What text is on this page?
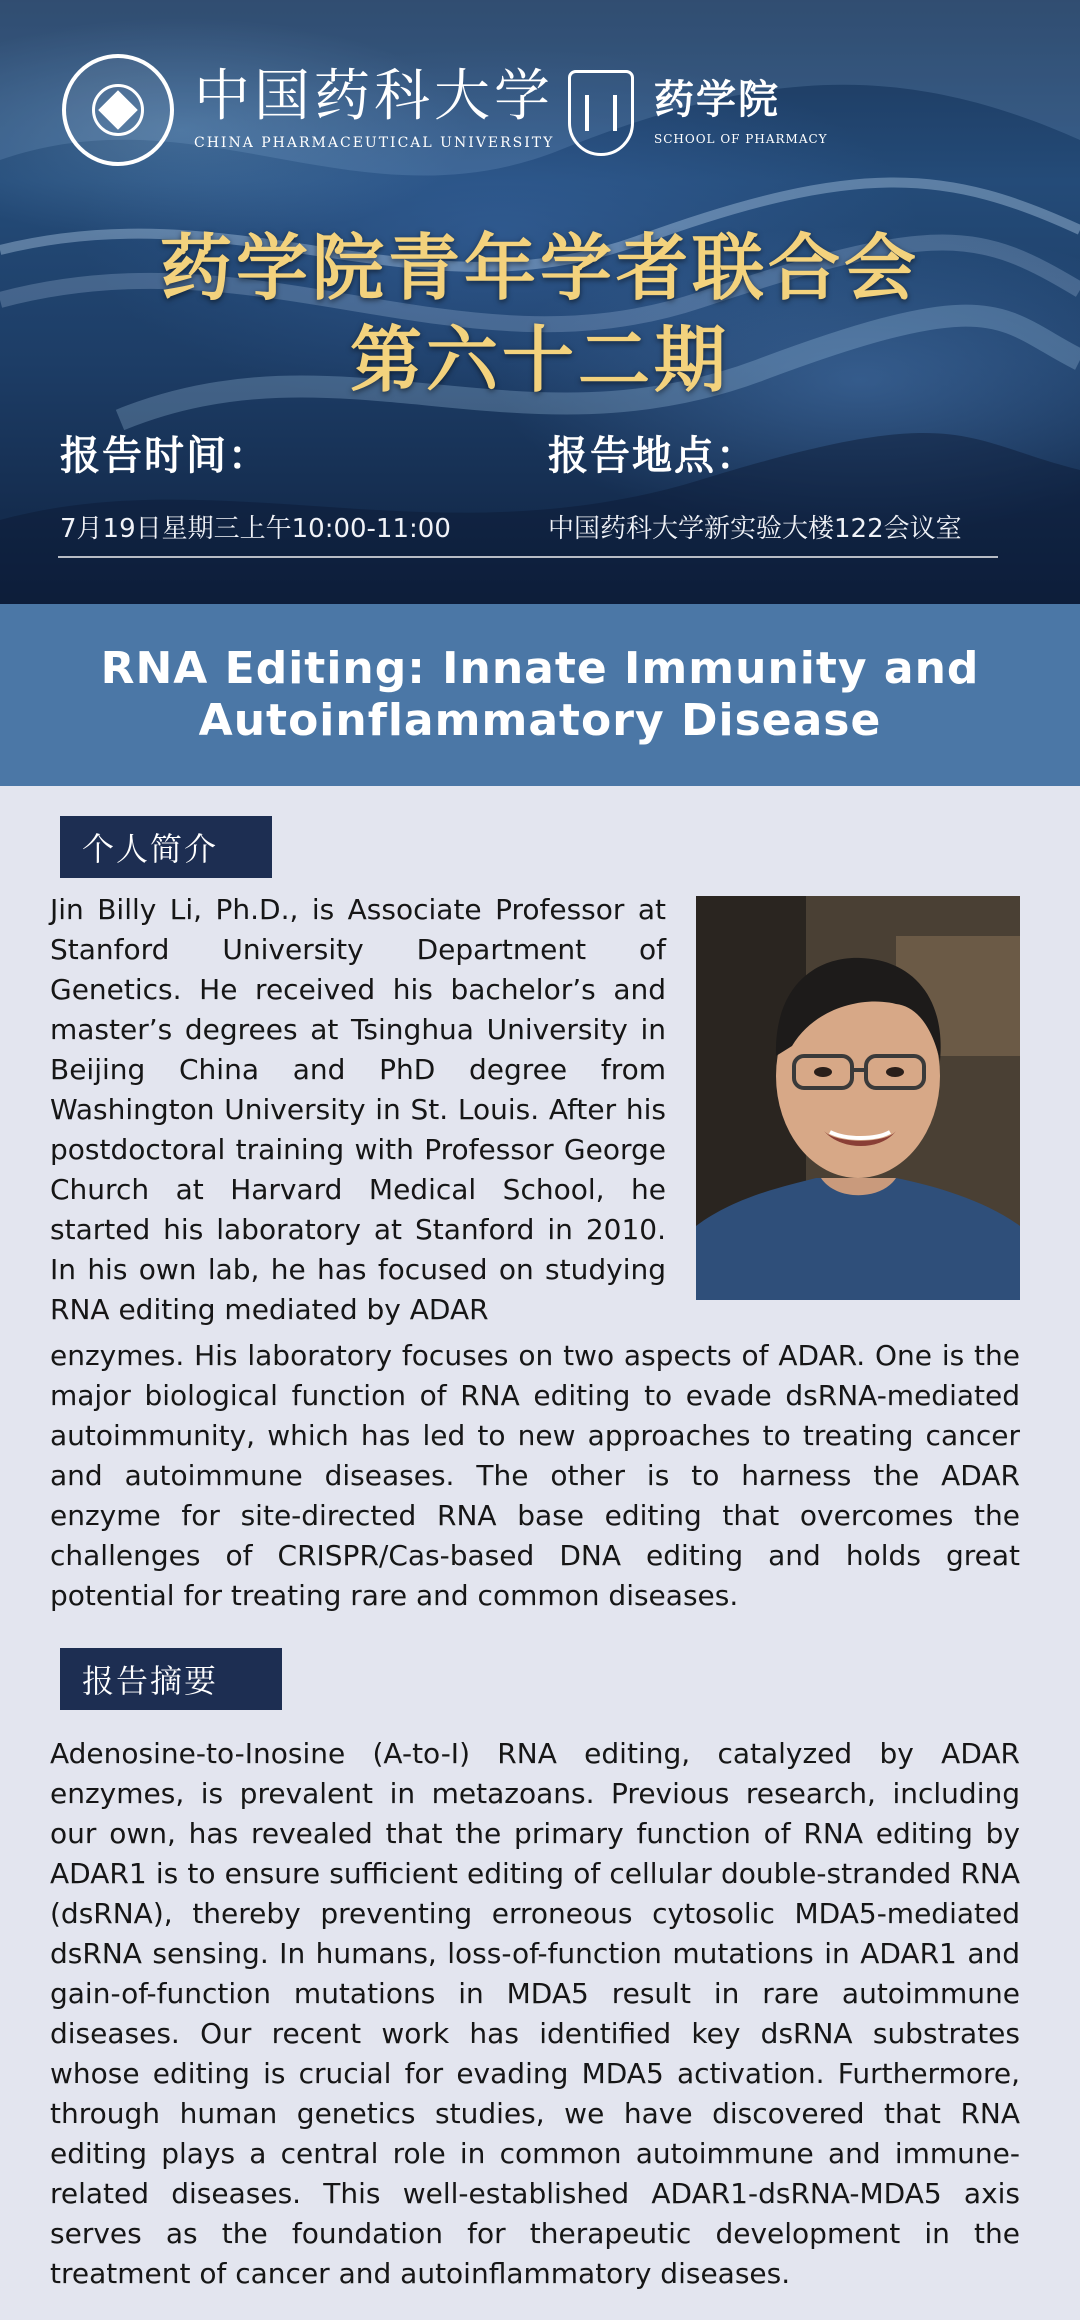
中国药科大学
CHINA PHARMACEUTICAL UNIVERSITY
药学院
SCHOOL OF PHARMACY
药学院青年学者联合会
第六十二期
报告时间：	报告地点：
7月19日星期三上午10:00-11:00	中国药科大学新实验大楼122会议室
RNA Editing: Innate Immunity and Autoinflammatory Disease
个人简介
Jin Billy Li, Ph.D., is Associate Professor at Stanford University Department of Genetics. He received his bachelor’s and master’s degrees at Tsinghua University in Beijing China and PhD degree from Washington University in St. Louis. After his postdoctoral training with Professor George Church at Harvard Medical School, he started his laboratory at Stanford in 2010. In his own lab, he has focused on studying RNA editing mediated by ADAR
enzymes. His laboratory focuses on two aspects of ADAR. One is the major biological function of RNA editing to evade dsRNA-mediated autoimmunity, which has led to new approaches to treating cancer and autoimmune diseases. The other is to harness the ADAR enzyme for site-directed RNA base editing that overcomes the challenges of CRISPR/Cas-based DNA editing and holds great potential for treating rare and common diseases.
报告摘要
Adenosine-to-Inosine (A-to-I) RNA editing, catalyzed by ADAR enzymes, is prevalent in metazoans. Previous research, including our own, has revealed that the primary function of RNA editing by ADAR1 is to ensure sufficient editing of cellular double-stranded RNA (dsRNA), thereby preventing erroneous cytosolic MDA5-mediated dsRNA sensing. In humans, loss-of-function mutations in ADAR1 and gain-of-function mutations in MDA5 result in rare autoimmune diseases. Our recent work has identified key dsRNA substrates whose editing is crucial for evading MDA5 activation. Furthermore, through human genetics studies, we have discovered that RNA editing plays a central role in common autoimmune and immune-related diseases. This well-established ADAR1-dsRNA-MDA5 axis serves as the foundation for therapeutic development in the treatment of cancer and autoinflammatory diseases.
